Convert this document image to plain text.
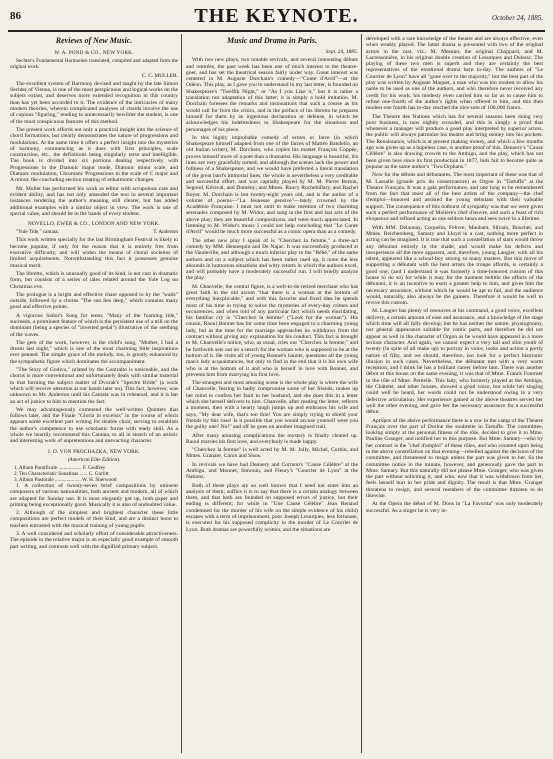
86	THE KEYNOTE.	October 24, 1885.
Reviews of New Music.
W. A. POND & CO., NEW YORK.

Sechter's Fundamental Harmonies translated, compiled and adapted from the original work.

C. C. MULLER.

The excellent system of Harmony devised and taught by the late Simon Sechter of Vienna, is one of the most perspicuous and logical works on the subject extant, and deserves more extended recognition in this country than has yet been accorded to it. The evidence of the intricacies of many modern theories, wherein complicated analyses of chords involve the use of copious "figuring," tending to unnecessarily bewilder the student, is one of the most conspicuous features of this method.

The present work affords not only a practical insight into the science of chord formations, but clearly demonstrates the nature of progressions and modulations. At the same time it offers a perfect insight into the mysteries of harmony, commencing as it does with first principles, scale construction, etc., the definitions being singularly terse and intelligible. The book is divided into six portions dealing respectively with Progressions in the Diatonic major mode, Diatonic minor scale, and Diatonic modulation, Chromatic Progressions in the scale of C major and A minor, the concluding section treating of enharmonic changes.

Mr. Muller has performed his work as editor with scrupulous care and evident ability, and has not only amended the text in several important instances rendering the author's meaning still clearer, but has added additional examples with a similar object in view. The work is one of special value, and should be in the hands of every student.

NOVELLO, EWER & CO., LONDON AND NEW YORK.

"Yule Tide," cantata.	T. Anderton

This work written specially for the last Birmingham Festival is likely to become popular, if only for the reason that it is entirely free from executive difficulty, and will widen the means of choral societies of limited acquirements. Notwithstanding this fact it possesses genuine musical merit.

The libretto, which is unusually good of its kind, is not cast in dramatic form, but consists of a series of tales related around the Yule Log on Christmas eve.

The prologue is a bright and effective chant opposed to by the "waits" outside, followed by a chorus "The sun lies deep," which contains many good and effective points.

A vigorous Sailor's Song for tenor, "Many of the foaming tide," succeeds, a prominent feature of which is the persistent use of a trill on the dominant (being a species of "inverted pedal") illustrative of the seething of the waves.

The gem of the work, however, is the child's song, "Mother, I had a dream last night," which is one of the most charming little inspirations ever penned. The simple grace of the melody, too, is greatly enhanced by the sympathetic figure which dominates the accompaniment.

"The Story of Godiva," related by the Contralto is noticeable, and the chorus is more conventional and unfortunately deals with similar material to that forming the subject matter of Dvorak's "Spectre Bride" (a work which will receive attention at our hands later on). This fact, however, was unknown to Mr. Anderton until his Cantata was in rehearsal, and it is but an act of justice to him to mention the fact.

We may advantageously commend the well-written Quintets that follows later, and the Finale "Gloria in excelsis" in the course of which appears some excellent part writing for double choir, serving to establish the author's competence to use scholastic forms with ready skill. As a whole we heartily recommend this Cantata, to all in search of an artistic and interesting work of unpretentious and unexacting character.

J. O. VON PROCHAZKA, NEW YORK.
(American Elite Edition).
1. Album Pontificale .................. F. Godfrey
2. Ten Characteristic Sonatinas ...... C. Gurlitt
3. Album Pastorale .................... W. H. Sherwood

1. A collection of twenty-seven brief compositions by eminent composers of various nationalities, both ancient and modern, all of which are adapted for Sunday use. It is most elegantly got up, both paper and printing being exceptionally good. Musically it is also of undoubted value.

2. Although of the simplest and brightest character these little compositions are perfect models of their kind, and are a distinct boon to teachers entrusted with the musical training of young pupils.

3. A well considered and scholarly effort of considerable attractiveness. The episode in the relative major is an especially good example of smooth part writing, and contrasts well with the dignified primary subject.

Music and Drama in Paris.
Sept. 24, 1885.

With two new plays, two notable revivals, and several interesting débuts and rentrées, the past week has been one of much interest to the theatre-goer, and has set the theatrical season fairly under way. Great interest was centered in M. Auguste Dorchain's comedy—"Conte d'Avril"—at the Odéon. This play, as I gave you to understand in my last letter, is founded on Shakespeare's "Twelfth Night," or "As I you Like it," but it is rather a translation nor adaptation of this latter; it is simply a bold imitation. M. Dorchain foresees the remarks and insinuations that such a course as his would call for from the critics, and in the preface of his libretto he prepares himself for them by an ingenious declaration or defense, in which he acknowledges his indebtedness to Shakespeare for the situations and personages of his piece.

In this highly improbable comedy of errors or farce (in which Shakespeare himself adapted from one of the farces of Matteo Bandello, an old Italian writer), M. Dorchain, who copies his master François Coppée, proves himself more of a poet than a dramatist. His language is beautiful, his lines are very gracefully turned; and although the scenes lack the power and fullness of a Shakespeare, and we would have preferred a literal translation of the great bard's immortal lines, the whole is nevertheless a very creditable and successful effort, and was capitally played by M. M. Pierre Berton, Segond, Kéraval, and Dumény; and Mmes. Raucy Rochebillary, and Rachel Boyer. M. Dorchain is but twenty-eight years old, and is the author of a volume of poems—"La Jeunesse pensive"—lately crowned by the Académie Française. I must not omit to make mention of two charming serenades composed by M. Widor, and sung in the first and last acts of the above play; they are beautiful compositions, and were much appreciated. In listening to M. Widor's music I could not help concluding that "Le Conte d'Avril" would be much more successful as a comic opera than as a comedy.

The other new play I speak of is "Cherchez la femme," a three-act comedy by MM. Hennequin and De Najac. It was successfully produced at the Vaudeville, and although a much inferior play to the "Bébé," of the same authors and on a subject which has been rather used up, it none the less abounds in humorous situations and witty retorts in which the authors excel, and will probably have a moderately successful run. I will briefly analyze the play.

M. Chanvelle, the central figure, is a well-to-do retired merchant who has great faith in the old axiom "that there is a woman at the bottom of everything inexplicable," and with this favorite and fixed idea he spends most of his time in trying to solve the mysteries of every-day crimes and occurrences, and when told of any particular fact which needs elucidating, his familiar cry is "Cherchez la femme" ("Look for the woman"). His cousin, Raoul Bonnet has for some time been engaged to a charming young lady, but as the time for the marriage approaches he withdraws from the contract without giving any explanation for his conduct. This fact is brought to M. Chanvelle's notice, who, as usual, cries out "Cherchez la femme," and he forthwith sets out on a search for the woman who is supposed to be at the bottom of it. He visits all of young Bonnet's haunts, questions all the young man's lady acquaintances, but only to find in the end that it is his own wife who is at the bottom of it and who is herself in love with Bonnet, and prevents him from marrying his first love.

The strangest and most amusing scene is the whole play is where the wife of Chanvelle, fearing to badly compromise some of her friends, makes up her mind to confess her fault to her husband, and she does this in a letter which she herself delivers to him. Chanvelle, after reading the letter, reflects a moment, then with a hearty laugh jumps up and embraces his wife and says, "My dear wife, that's too thin! You are simply trying to shield your friends by this ruse! Is it possible that you would accuse yourself were you the guilty one? No!" and off he goes on another imagined trail.

After many amusing complications the mystery is finally cleared up. Raoul marries his first love, and everybody is made happy.

"Cherchez la femme" is well acted by M. M. Jolly, Michel, Corbin, and Mmes. Granaré, Caron and Sisos.

In revivals we have had Dennery and Cormon's "Cause Célèbre" at the Ambigu, and Mounet, Simonin, and Fleury's "Courrier de Lyon" at the Nations.

Both of these plays are so well known that I need not enter into an analysis of them; suffice it is to say that there is a certain analogy between them, and that both are founded on supposed errors of justice, but their ending is different; for while in "Une Cause Célèbre" Jean Renaud condemned for the murder of his wife on the simple evidence of his child) escapes with a term of imprisonment, poor Joseph Lesurques, less fortunate, is executed for his supposed complicity in the murder of Le Courrier de Lyon. Both dramas are powerfully written, and the situations are

developed with a rare knowledge of the theatre and are always effective, even when weakly played. The latter drama is presented with two of the original actors in the cast, viz.: M. Mesnier, the original Choppard, and M. Lacressonière, in his original double creation of Lesurques and Dubosc. The playing of these two men is superb and they are certainly the best representatives of the emotional drama here to-day. The authors of "Le Courrier de Lyon" have all "gone over to the majority," but the best part of the play was written by Auguste Maquet, a man who was too modest to allow his name to be used as one of the authors, and who therefore never received any credit for his work; his modesty even carried him so far as to cause him to refuse one-fourth of the author's rights when offered to him, and this then modest one fourth has to-day reached the nice sum of 100,000 francs.

The Théatre des Nations which has for several seasons been doing very poor business, is now nightly crowded, and this is simply a proof that whenever a manager will produce a good play interpreted by superior actors, the public will always patronize his theatre and bring money into his pockets. The Renaissance, which is at present making money, and which a few months ago was given up as a hopeless case, is another proof of this. Dennery's "Cause Célèbre" is also drawing crowds to the Ambigu, and the play, which has not been given here since its first production in 1877, bids fair to become quite as popular as the same author's "Two Orphans."

Now for the débuts and débutantes. The most important of these was that of M. Lassalle (grande prix du conservatoire) as Orgon in "Tartuffe" at the Theatre Français. It was a gala performance, and one long to be remembered from the fact that most all of the best artists of the company—the chef d'emploi—honored and assisted the young debutant with their valuable support. The consequence of this outburst of sympathy was that we were given such a perfect performance of Molière's chef d'œuvre, and such a feast of rich eloquence and refined acting as one seldom hears and sees twice in a lifetime.

With MM. Delaunay, Coquelin, Febvre, Maubant, Silvain, Boucher, and Mmes. Reichemberg, Samary and Lloyd in a cast, nothing more perfect in acting can be imagined. It is true that such a constellation of stars would throw any débutant entirely in the shade, and would make his defects and inexperience all the more apparent, and, therefore, young Langier, with all his talent, appeared like a school-boy among so many masters. But this move of supporting a débutant with the best artists the troupe affords, is certainly a good one; (and I understand it was formerly a time-honored custom of this house to do so) for while it may for the moment belittle the efforts of the débutant, it is an incentive to exert a greater help to him, and gives him the necessary assurance, without which he would be apt to fail, and the audience would, naturally, also always be the gainers. Therefore it would be well to revive this custom.

M. Laugier has plenty of resources at his command, a good voice, excellent delivery, a certain amount of ease and assurance, and a knowledge of the stage which time will all fully develop; but he has neither the nature, physiognomy, nor general appearance suitable for comic parts, and therefore he did not appear as well in the character of Orgon as he would have appeared in a more serious character. And again, we cannot expect a very tall and slim youth of twenty (in spite of all make up) to portray in voice, looks and action a portly nature of fifty, and we should, therefore, not look for a perfect histrionic illusion in such cases. Nevertheless, the débutant met with a very warm reception, and I think he has a brilliant career before him. There was another débot at this house on the same evening, it was that of Mme. Franck Fournier in the rôle of Mme. Pernelle. This lady, who formerly played at the Ambigu, the Châtelet, and other houses, showed a good voice, but while her singing could well be heard, her words could not be understood owing to a very defective articulation. Her experience gained at the above theatres served her well the other evening, and gave her the necessary assurance for a successful début.

Apropos of the above performance there is a row in the camp of the Theatre Français over the part of Dorine the soubrette in Tartuffe. The committee, looking simply at the personal fitness of the rôle, decided to give it to Mme. Pauline Granger, and notified her to this purpose. But Mme. Samary—who by her contract is the "chef d'emploi" of these rôles, and who counted upon being in the above constellation on that evening—rebelled against the decision of the committee, and threatened to resign unless the part was given to her. So the committee notice in the minute, however, and generously gave the part to Mme. Samary. But this naturally did not please Mme. Granger, who was given the part without soliciting it, and who, now that it was withdrawn from her, feels herself hurt in her pride and dignity. The result is that Mme. Granger threatens to resign, and several members of the committee threaten to do likewise.

At the Opera the début of M. Dons in "La Favorita" was only moderately successful. As a singer he is very in-
